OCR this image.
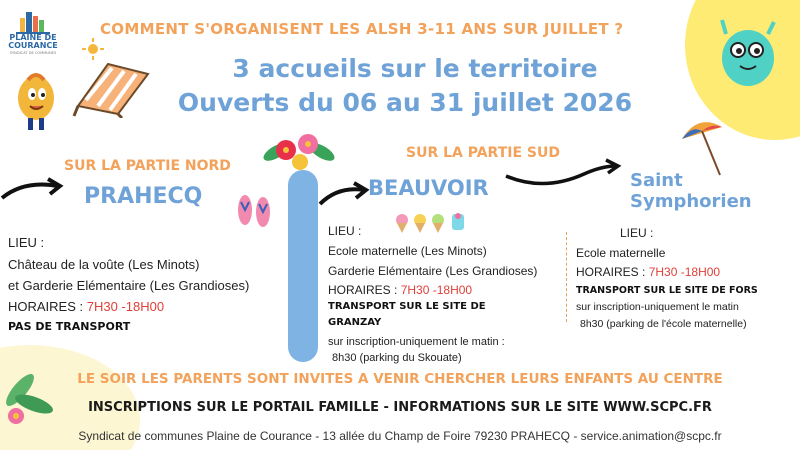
PLAINE DE COURANCE
SYNDICAT DE COMMUNES
COMMENT S'ORGANISENT LES ALSH 3-11 ANS SUR JUILLET ?
3 accueils sur le territoire
Ouverts du 06 au 31 juillet 2026
SUR LA PARTIE NORD
PRAHECQ
LIEU :
Château de la voûte (Les Minots)
et Garderie Elémentaire (Les Grandioses)
HORAIRES : 7H30 -18H00
PAS DE TRANSPORT
SUR LA PARTIE SUD
BEAUVOIR
LIEU :
Ecole maternelle (Les Minots)
Garderie Elémentaire (Les Grandioses)
HORAIRES : 7H30 -18H00
TRANSPORT SUR LE SITE DE
GRANZAY
sur inscription-uniquement le matin :
8h30 (parking du Skouate)
Saint
Symphorien
LIEU :
Ecole maternelle
HORAIRES : 7H30 -18H00
TRANSPORT SUR LE SITE DE FORS
sur inscription-uniquement le matin
8h30 (parking de l'école maternelle)
LE SOIR LES PARENTS SONT INVITES A VENIR CHERCHER LEURS ENFANTS AU CENTRE
INSCRIPTIONS SUR LE PORTAIL FAMILLE - INFORMATIONS SUR LE SITE WWW.SCPC.FR
Syndicat de communes Plaine de Courance - 13 allée du Champ de Foire 79230 PRAHECQ - service.animation@scpc.fr
